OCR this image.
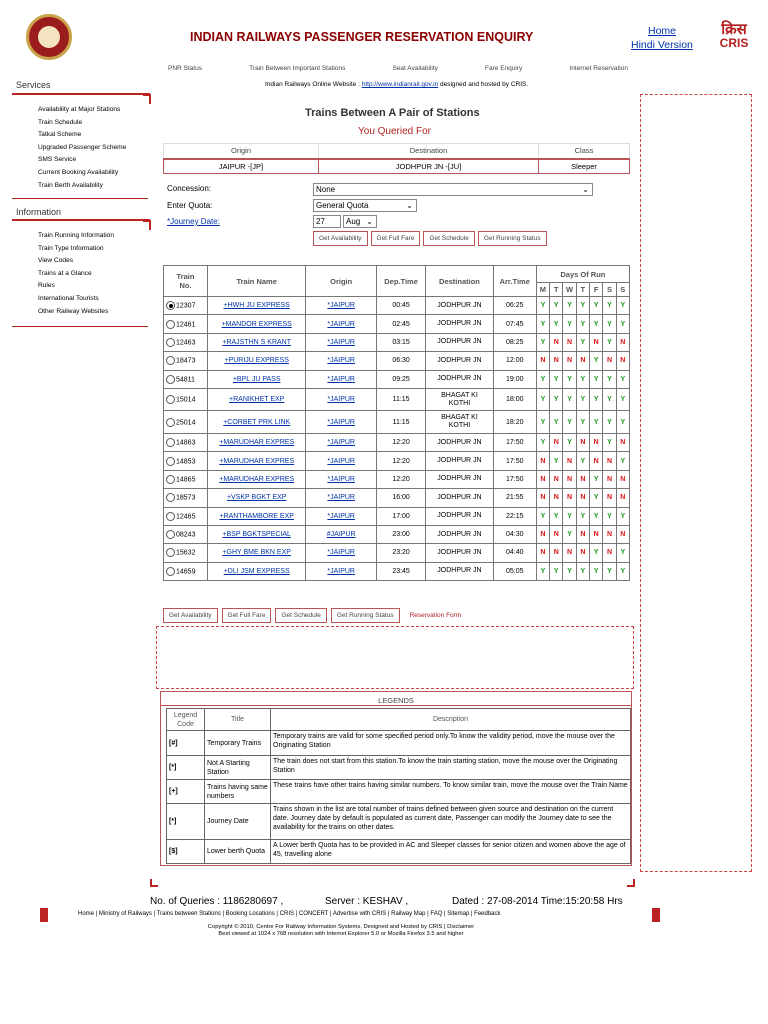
INDIAN RAILWAYS PASSENGER RESERVATION ENQUIRY	Home
Hindi Version
क्रिस
CRIS
PNR Status	Train Between Important Stations	Seat Availability	Fare Enquiry	Internet Reservation
Indian Railways Online Website : http://www.indianrail.gov.in designed and hosted by CRIS.
Services
Availability at Major Stations
Train Schedule
Tatkal Scheme
Upgraded Passenger Scheme
SMS Service
Current Booking Availability
Train Berth Availability
Information
Train Running Information
Train Type Information
View Codes
Trains at a Glance
Rules
International Tourists
Other Railway Websites
Trains Between A Pair of Stations
You Queried For
Origin	Destination	Class
JAIPUR -[JP]	JODHPUR JN -[JU]	Sleeper
Concession:	None	⌄
Enter Quota:	General Quota	⌄
*Journey Date:	27	Aug ⌄
Get Availability	Get Full Fare	Get Schedule	Get Running Status
Train
No.	Train Name	Origin	Dep.Time	Destination	Arr.Time	Days Of Run						
						M	T	W	T	F	S	S
12307	+HWH JU EXPRESS	*JAIPUR	00:45	JODHPUR JN	06:25	Y	Y	Y	Y	Y	Y	Y
12461	+MANDOR EXPRESS	*JAIPUR	02:45	JODHPUR JN	07:45	Y	Y	Y	Y	Y	Y	Y
12463	+RAJSTHN S KRANT	*JAIPUR	03:15	JODHPUR JN	08:25	Y	N	N	Y	N	Y	N
18473	+PURIJU EXPRESS	*JAIPUR	06:30	JODHPUR JN	12:00	N	N	N	N	Y	N	N
54811	+BPL JU PASS	*JAIPUR	09:25	JODHPUR JN	19:00	Y	Y	Y	Y	Y	Y	Y
15014	+RANIKHET EXP	*JAIPUR	11:15	BHAGAT KI KOTHI	18:00	Y	Y	Y	Y	Y	Y	Y
25014	+CORBET PRK LINK	*JAIPUR	11:15	BHAGAT KI KOTHI	18:20	Y	Y	Y	Y	Y	Y	Y
14863	+MARUDHAR EXPRES	*JAIPUR	12:20	JODHPUR JN	17:50	Y	N	Y	N	N	Y	N
14853	+MARUDHAR EXPRES	*JAIPUR	12:20	JODHPUR JN	17:50	N	Y	N	Y	N	N	Y
14865	+MARUDHAR EXPRES	*JAIPUR	12:20	JODHPUR JN	17:50	N	N	N	N	Y	N	N
18573	+VSKP BGKT EXP	*JAIPUR	16:00	JODHPUR JN	21:55	N	N	N	N	Y	N	N
12465	+RANTHAMBORE EXP	*JAIPUR	17:00	JODHPUR JN	22:15	Y	Y	Y	Y	Y	Y	Y
08243	+BSP BGKTSPECIAL	#JAIPUR	23:00	JODHPUR JN	04:30	N	N	Y	N	N	N	N
15632	+GHY BME BKN EXP	*JAIPUR	23:20	JODHPUR JN	04:40	N	N	N	N	Y	N	Y
14659	+DLI JSM EXPRESS	*JAIPUR	23:45	JODHPUR JN	05:05	Y	Y	Y	Y	Y	Y	Y
Get Availability	Get Full Fare	Get Schedule	Get Running Status	Reservation Form
LEGENDS
Legend Code	Title	Description
[#]	Temporary Trains	Temporary trains are valid for some specified period only.To know the validity period, move the mouse over the Originating Station
[*]	Not A Starting Station	The train does not start from this station.To know the train starting station, move the mouse over the Originating Station
[+]	Trains having same numbers	These trains have other trains having similar numbers. To know similar train, move the mouse over the Train Name
[*]	Journey Date	Trains shown in the list are total number of trains defined between given source and destination on the current date. Journey date by default is populated as current date, Passenger can modify the Journey date to see the availability for the trains on other dates.
[$]	Lower berth Quota	A Lower berth Quota has to be provided in AC and Sleeper classes for senior citizen and women above the age of 45, travelling alone
No. of Queries : 1186280697 ,	Server : KESHAV ,	Dated : 27-08-2014 Time:15:20:58 Hrs
Home | Ministry of Railways | Trains between Stations | Booking Locations | CRIS | CONCERT | Advertise with CRIS | Railway Map | FAQ | Sitemap | Feedback
Copyright © 2010, Centre For Railway Information Systems, Designed and Hosted by CRIS | Disclaimer
Best viewed at 1024 x 768 resolution with Internet Explorer 5.0 or Mozilla Firefox 3.5 and higher
